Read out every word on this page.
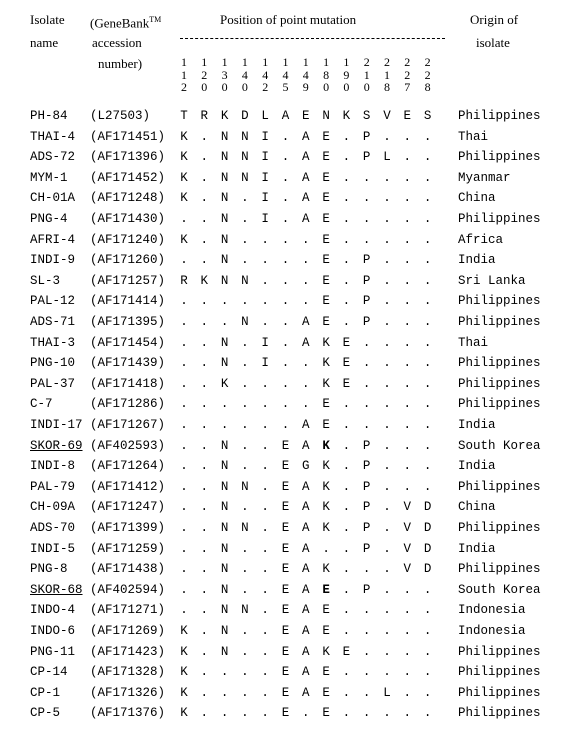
Isolate
name
(GeneBank™
accession
number)
Position of point mutation	Origin of
isolate
1
1
2
1
2
0
1
3
0
1
4
0
1
4
2
1
4
5
1
4
9
1
8
0
1
9
0
2
1
0
2
1
8
2
2
7
2
2
8
PH-84 (L27503) T R K D L A E N K S V E S Philippines
THAI-4 (AF171451) K . N N I . A E . P . . . Thai
ADS-72 (AF171396) K . N N I . A E . P L . . Philippines
MYM-1 (AF171452) K . N N I . A E . . . . . Myanmar
CH-01A (AF171248) K . N . I . A E . . . . . China
PNG-4 (AF171430) . . N . I . A E . . . . . Philippines
AFRI-4 (AF171240) K . N . . . . E . . . . . Africa
INDI-9 (AF171260) . . N . . . . E . P . . . India
SL-3 (AF171257) R K N N . . . E . P . . . Sri Lanka
PAL-12 (AF171414) . . . . . . . E . P . . . Philippines
ADS-71 (AF171395) . . . N . . A E . P . . . Philippines
THAI-3 (AF171454) . . N . I . A K E . . . . Thai
PNG-10 (AF171439) . . N . I . . K E . . . . Philippines
PAL-37 (AF171418) . . K . . . . K E . . . . Philippines
C-7	(AF171286) . . . . . . . E . . . . . Philippines
INDI-17 (AF171267) . . . . . . A E . . . . . India
SKOR-69 (AF402593) . . N . . E A K . P . . . South Korea
INDI-8 (AF171264) . . N . . E G K . P . . . India
PAL-79 (AF171412) . . N N . E A K . P . . . Philippines
CH-09A (AF171247) . . N . . E A K . P . V D China
ADS-70 (AF171399) . . N N . E A K . P . V D Philippines
INDI-5 (AF171259) . . N . . E A . . P . V D India
PNG-8 (AF171438) . . N . . E A K . . . V D Philippines
SKOR-68 (AF402594) . . N . . E A E . P . . . South Korea
INDO-4 (AF171271) . . N N . E A E . . . . . Indonesia
INDO-6 (AF171269) K . N . . E A E . . . . . Indonesia
PNG-11 (AF171423) K . N . . E A K E . . . . Philippines
CP-14 (AF171328) K . . . . E A E . . . . . Philippines
CP-1 (AF171326) K . . . . E A E . . L . . Philippines
CP-5 (AF171376) K . . . . E . E . . . . . Philippines
